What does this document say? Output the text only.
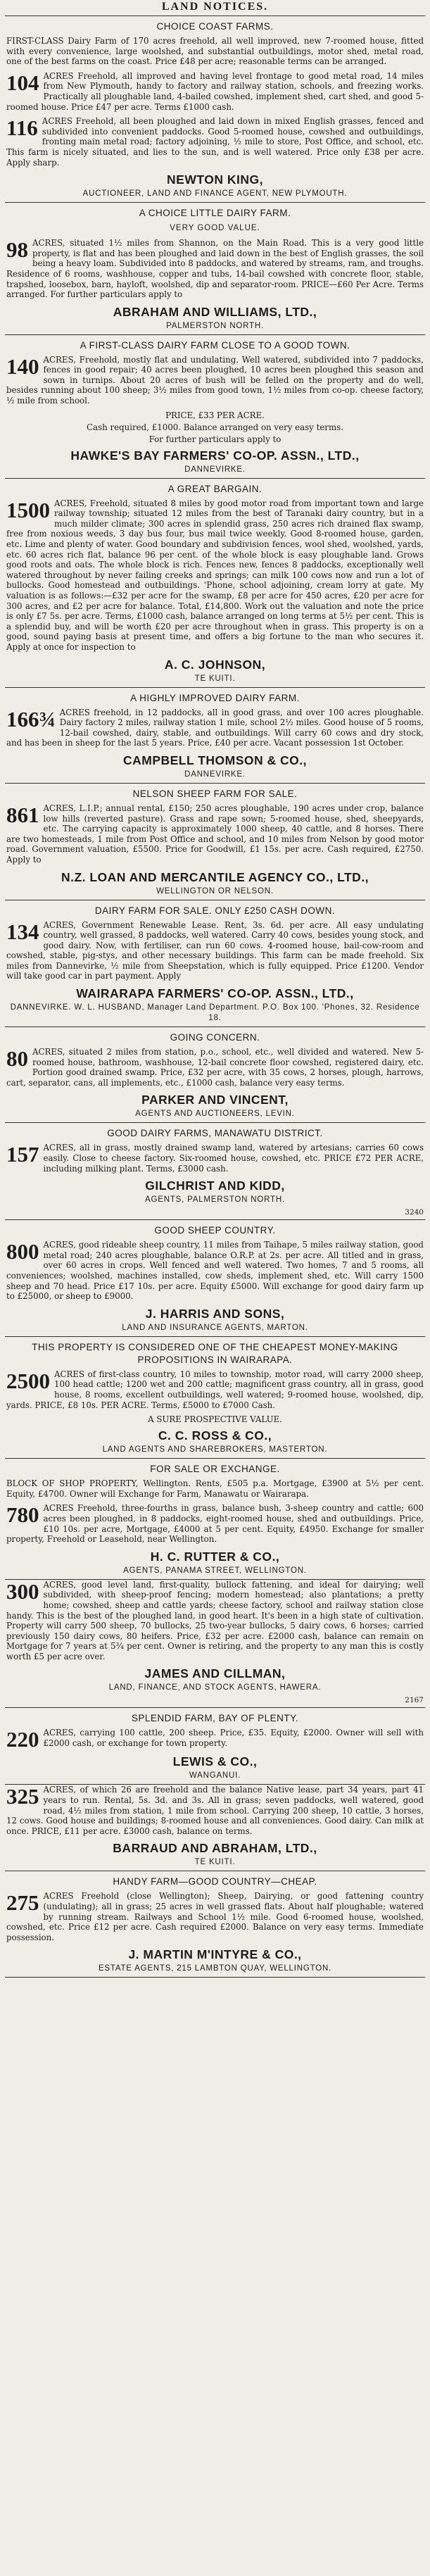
LAND NOTICES.
CHOICE COAST FARMS.
FIRST-CLASS Dairy Farm of 170 acres freehold, all well improved, new 7-roomed house, fitted with every convenience, large woolshed, and substantial outbuildings, motor shed, metal road, one of the best farms on the coast. Price £48 per acre; reasonable terms can be arranged.
104 ACRES Freehold, all improved and having level frontage to good metal road, 14 miles from New Plymouth, handy to factory and railway station, schools, and freezing works. Practically all ploughable land, 4-bailed cowshed, implement shed, cart shed, and good 5-roomed house. Price £47 per acre. Terms £1000 cash.
116 ACRES Freehold, all been ploughed and laid down in mixed English grasses, fenced and subdivided into convenient paddocks. Good 5-roomed house, cowshed and outbuildings, fronting main metal road; factory adjoining, ½ mile to store, Post Office, and school, etc. This farm is nicely situated, and lies to the sun, and is well watered. Price only £38 per acre. Apply sharp.
NEWTON KING,
AUCTIONEER, LAND AND FINANCE AGENT, NEW PLYMOUTH.
A CHOICE LITTLE DAIRY FARM.
VERY GOOD VALUE.
98 ACRES, situated 1½ miles from Shannon, on the Main Road. This is a very good little property, is flat and has been ploughed and laid down in the best of English grasses, the soil being a heavy loam. Subdivided into 8 paddocks, and watered by streams, ram, and troughs. Residence of 6 rooms, washhouse, copper and tubs, 14-bail cowshed with concrete floor, stable, trapshed, loosebox, barn, hayloft, woolshed, dip and separator-room. PRICE—£60 Per Acre. Terms arranged. For further particulars apply to
ABRAHAM AND WILLIAMS, LTD.,
PALMERSTON NORTH.
A FIRST-CLASS DAIRY FARM CLOSE TO A GOOD TOWN.
140 ACRES, Freehold, mostly flat and undulating. Well watered, subdivided into 7 paddocks, fences in good repair; 40 acres been ploughed, 10 acres been ploughed this season and sown in turnips. About 20 acres of bush will be felled on the property and do well, besides running about 100 sheep; 3½ miles from good town, 1½ miles from co-op. cheese factory, ½ mile from school.
PRICE, £33 PER ACRE.
Cash required, £1000. Balance arranged on very easy terms.
For further particulars apply to
HAWKE'S BAY FARMERS' CO-OP. ASSN., LTD.,
DANNEVIRKE.
A GREAT BARGAIN.
1500 ACRES, Freehold, situated 8 miles by good motor road from important town and large railway township; situated 12 miles from the best of Taranaki dairy country, but in a much milder climate; 300 acres in splendid grass, 250 acres rich drained flax swamp, free from noxious weeds, 3 day bus four, bus mail twice weekly. Good 8-roomed house, garden, etc. Lime and plenty of water. Good boundary and subdivision fences, wool shed, woolshed, yards, etc. 60 acres rich flat, balance 96 per cent. of the whole block is easy ploughable land. Grows good roots and oats. The whole block is rich. Fences new, fences 8 paddocks, exceptionally well watered throughout by never failing creeks and springs; can milk 100 cows now and run a lot of bullocks. Good homestead and outbuildings. 'Phone, school adjoining, cream lorry at gate. My valuation is as follows:—£32 per acre for the swamp, £8 per acre for 450 acres, £20 per acre for 300 acres, and £2 per acre for balance. Total, £14,800. Work out the valuation and note the price is only £7 5s. per acre. Terms, £1000 cash, balance arranged on long terms at 5½ per cent. This is a splendid buy, and will be worth £20 per acre throughout when in grass. This property is on a good, sound paying basis at present time, and offers a big fortune to the man who secures it. Apply at once for inspection to
A. C. JOHNSON,
TE KUITI.
A HIGHLY IMPROVED DAIRY FARM.
166¾ ACRES freehold, in 12 paddocks, all in good grass, and over 100 acres ploughable. Dairy factory 2 miles, railway station 1 mile, school 2½ miles. Good house of 5 rooms, 12-bail cowshed, dairy, stable, and outbuildings. Will carry 60 cows and dry stock, and has been in sheep for the last 5 years. Price, £40 per acre. Vacant possession 1st October.
CAMPBELL THOMSON & CO.,
DANNEVIRKE.
NELSON SHEEP FARM FOR SALE.
861 ACRES, L.I.P.; annual rental, £150; 250 acres ploughable, 190 acres under crop, balance low hills (reverted pasture). Grass and rape sown; 5-roomed house, shed, sheepyards, etc. The carrying capacity is approximately 1000 sheep, 40 cattle, and 8 horses. There are two homesteads, 1 mile from Post Office and school, and 10 miles from Nelson by good motor road. Government valuation, £5500. Price for Goodwill, £1 15s. per acre. Cash required, £2750. Apply to
N.Z. LOAN AND MERCANTILE AGENCY CO., LTD.,
WELLINGTON OR NELSON.
DAIRY FARM FOR SALE. ONLY £250 CASH DOWN.
134 ACRES, Government Renewable Lease. Rent, 3s. 6d. per acre. All easy undulating country, well grassed, 8 paddocks, well watered. Carry 40 cows, besides young stock, and good dairy. Now, with fertiliser, can run 60 cows. 4-roomed house, bail-cow-room and cowshed, stable, pig-stys, and other necessary buildings. This farm can be made freehold. Six miles from Dannevirke, ½ mile from Sheepstation, which is fully equipped. Price £1200. Vendor will take good car in part payment. Apply
WAIRARAPA FARMERS' CO-OP. ASSN., LTD.,
DANNEVIRKE. W. L. HUSBAND, Manager Land Department. P.O. Box 100. 'Phones, 32. Residence 18.
GOING CONCERN.
80 ACRES, situated 2 miles from station, p.o., school, etc., well divided and watered. New 5-roomed house, bathroom, washhouse, 12-bail concrete floor cowshed, registered dairy, etc. Portion good drained swamp. Price, £32 per acre, with 35 cows, 2 horses, plough, harrows, cart, separator, cans, all implements, etc., £1000 cash, balance very easy terms.
PARKER AND VINCENT,
AGENTS AND AUCTIONEERS, LEVIN.
GOOD DAIRY FARMS, MANAWATU DISTRICT.
157 ACRES, all in grass, mostly drained swamp land, watered by artesians; carries 60 cows easily. Close to cheese factory. Six-roomed house, cowshed, etc. PRICE £72 PER ACRE, including milking plant. Terms, £3000 cash.
GILCHRIST AND KIDD,
AGENTS, PALMERSTON NORTH.
3240
GOOD SHEEP COUNTRY.
800 ACRES, good rideable sheep country, 11 miles from Taihape, 5 miles railway station, good metal road; 240 acres ploughable, balance O.R.P. at 2s. per acre. All titled and in grass, over 60 acres in crops. Well fenced and well watered. Two homes, 7 and 5 rooms, all conveniences; woolshed, machines installed, cow sheds, implement shed, etc. Will carry 1500 sheep and 70 head. Price £17 10s. per acre. Equity £5000. Will exchange for good dairy farm up to £25000, or sheep to £9000.
J. HARRIS AND SONS,
LAND AND INSURANCE AGENTS, MARTON.
THIS PROPERTY IS CONSIDERED ONE OF THE CHEAPEST MONEY-MAKING PROPOSITIONS IN WAIRARAPA.
2500 ACRES of first-class country, 10 miles to township, motor road, will carry 2000 sheep, 100 head cattle; 1200 wet and 200 cattle; magnificent grass country, all in grass, good house, 8 rooms, excellent outbuildings, well watered; 9-roomed house, woolshed, dip, yards. PRICE, £8 10s. PER ACRE. Terms, £5000 to £7000 Cash.
A SURE PROSPECTIVE VALUE.
C. C. ROSS & CO.,
LAND AGENTS AND SHAREBROKERS, MASTERTON.
FOR SALE OR EXCHANGE.
BLOCK OF SHOP PROPERTY, Wellington. Rents, £505 p.a. Mortgage, £3900 at 5½ per cent. Equity, £4700. Owner will Exchange for Farm, Manawatu or Wairarapa.
780 ACRES Freehold, three-fourths in grass, balance bush, 3-sheep country and cattle; 600 acres been ploughed, in 8 paddocks, eight-roomed house, shed and outbuildings. Price, £10 10s. per acre, Mortgage, £4000 at 5 per cent. Equity, £4950. Exchange for smaller property, Freehold or Leasehold, near Wellington.
H. C. RUTTER & CO.,
AGENTS, PANAMA STREET, WELLINGTON.
300 ACRES, good level land, first-quality, bullock fattening, and ideal for dairying; well subdivided, with sheep-proof fencing; modern homestead; also plantations; a pretty home; cowshed, sheep and cattle yards; cheese factory, school and railway station close handy. This is the best of the ploughed land, in good heart. It's been in a high state of cultivation. Property will carry 500 sheep, 70 bullocks, 25 two-year bullocks, 5 dairy cows, 6 horses; carried previously 150 dairy cows, 80 heifers. Price, £32 per acre. £2000 cash, balance can remain on Mortgage for 7 years at 5¾ per cent. Owner is retiring, and the property to any man this is costly worth £5 per acre over.
JAMES AND CILLMAN,
LAND, FINANCE, AND STOCK AGENTS, HAWERA.
2167
SPLENDID FARM, BAY OF PLENTY.
220 ACRES, carrying 100 cattle, 200 sheep. Price, £35. Equity, £2000. Owner will sell with £2000 cash, or exchange for town property.
LEWIS & CO.,
WANGANUI.
325 ACRES, of which 26 are freehold and the balance Native lease, part 34 years, part 41 years to run. Rental, 5s. 3d. and 3s. All in grass; seven paddocks, well watered, good road, 4½ miles from station, 1 mile from school. Carrying 200 sheep, 10 cattle, 3 horses, 12 cows. Good house and buildings; 8-roomed house and all conveniences. Good dairy. Can milk at once. PRICE, £11 per acre. £3000 cash, balance on terms.
BARRAUD AND ABRAHAM, LTD.,
TE KUITI.
HANDY FARM—GOOD COUNTRY—CHEAP.
275 ACRES Freehold (close Wellington); Sheep, Dairying, or good fattening country (undulating); all in grass; 25 acres in well grassed flats. About half ploughable; watered by running stream. Railways and School 1½ mile. Good 6-roomed house, woolshed, cowshed, etc. Price £12 per acre. Cash required £2000. Balance on very easy terms. Immediate possession.
J. MARTIN M'INTYRE & CO.,
ESTATE AGENTS, 215 LAMBTON QUAY, WELLINGTON.
